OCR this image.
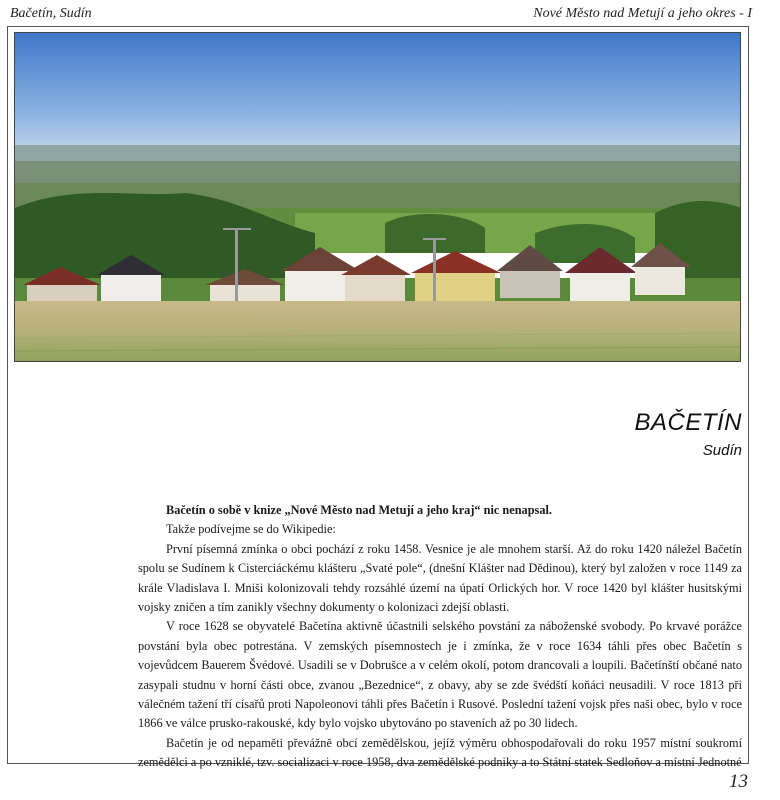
Bačetín, Sudín	Nové Město nad Metují a jeho okres - I
BAČETÍN
Sudín

Bačetín o sobě v knize „Nové Město nad Metují a jeho kraj“ nic nenapsal.

Takže podívejme se do Wikipedie:

První písemná zmínka o obci pochází z roku 1458. Vesnice je ale mnohem starší. Až do roku 1420 náležel Bačetín spolu se Sudínem k Cisterciáckému klášteru „Svaté pole“, (dnešní Klášter nad Dědinou), který byl založen v roce 1149 za krále Vladislava I. Mniši kolonizovali tehdy rozsáhlé území na úpatí Orlických hor. V roce 1420 byl klášter husitskými vojsky zničen a tím zanikly všechny dokumenty o kolonizaci zdejší oblasti.

V roce 1628 se obyvatelé Bačetína aktivně účastnili selského povstání za náboženské svobody. Po krvavé porážce povstání byla obec potrestána. V zemských písemnostech je i zmínka, že v roce 1634 táhli přes obec Bačetín s vojevůdcem Bauerem Švédové. Usadili se v Dobrušce a v celém okolí, potom drancovali a loupili. Bačetínští občané nato zasypali studnu v horní části obce, zvanou „Bezednice“, z obavy, aby se zde švédští koňáci neusadili. V roce 1813 při válečném tažení tří císařů proti Napoleonovi táhli přes Bačetín i Rusové. Poslední tažení vojsk přes naši obec, bylo v roce 1866 ve válce prusko-rakouské, kdy bylo vojsko ubytováno po staveních až po 30 lidech.

Bačetín je od nepaměti převážně obcí zemědělskou, jejíž výměru obhospodařovali do roku 1957 místní soukromí zemědělci a po vzniklé, tzv. socializaci v roce 1958, dva zemědělské podniky a to Státní statek Sedloňov a místní Jednotné

13
